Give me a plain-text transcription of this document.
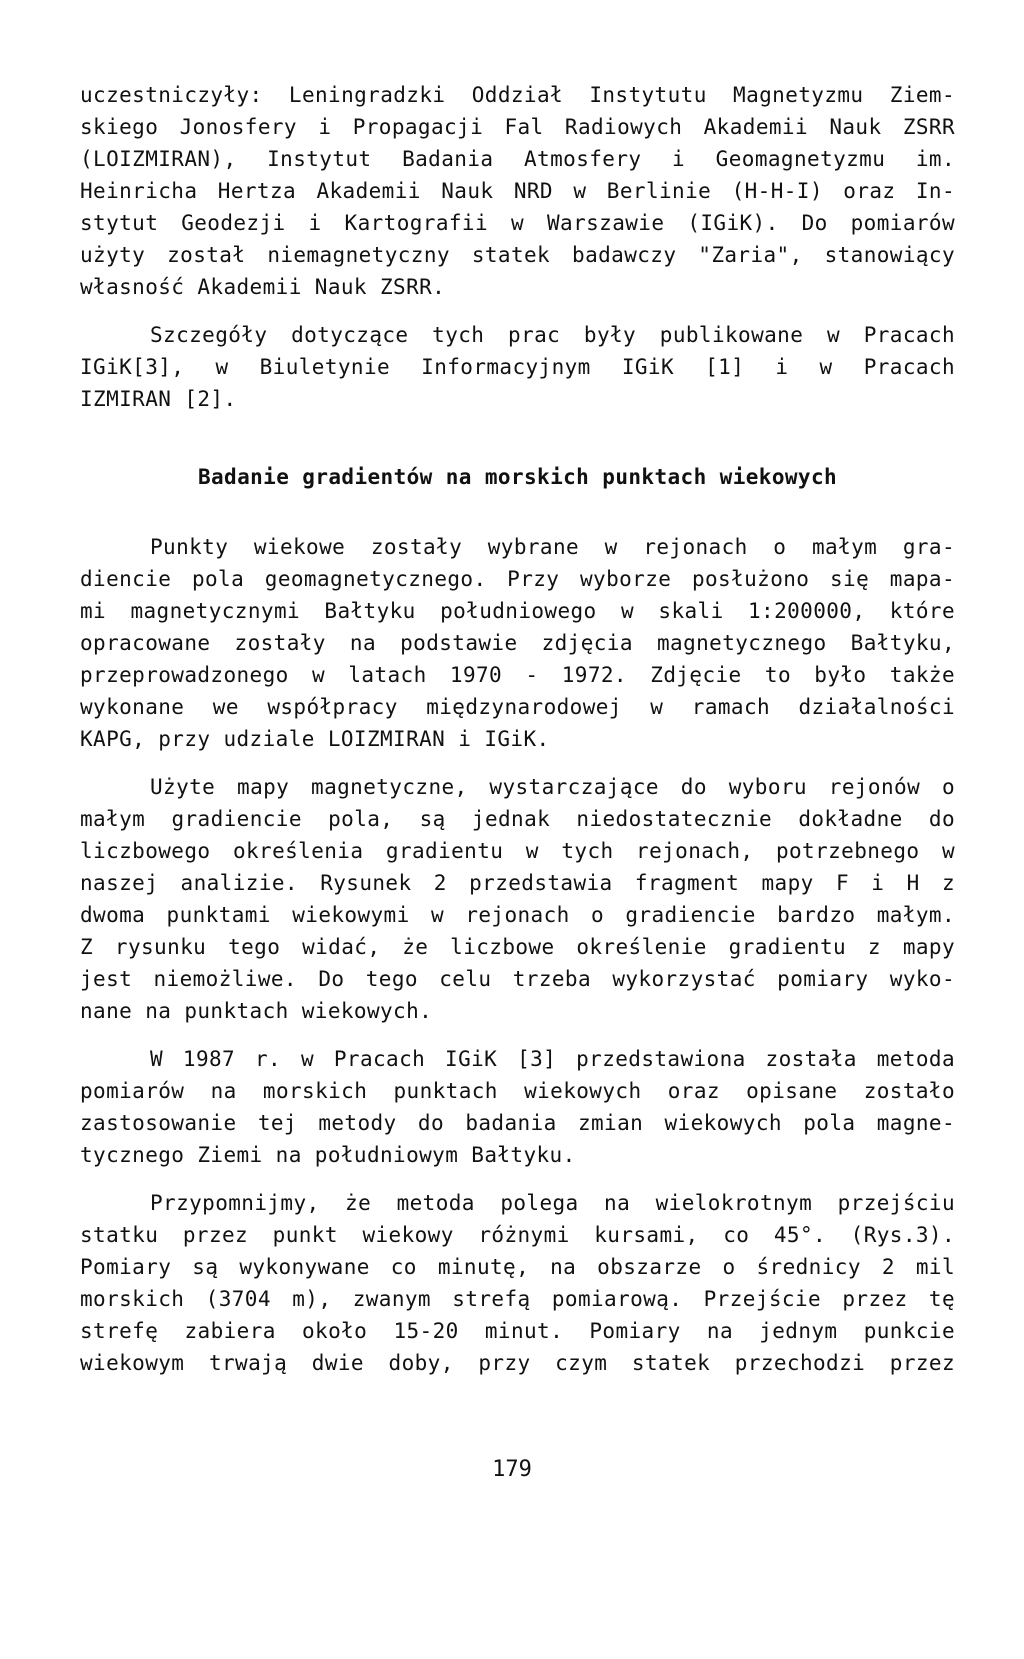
uczestniczyły: Leningradzki Oddział Instytutu Magnetyzmu Ziem-
skiego Jonosfery i Propagacji Fal Radiowych Akademii Nauk ZSRR
(LOIZMIRAN), Instytut Badania Atmosfery i Geomagnetyzmu im.
Heinricha Hertza Akademii Nauk NRD w Berlinie (H-H-I) oraz In-
stytut Geodezji i Kartografii w Warszawie (IGiK). Do pomiarów
użyty został niemagnetyczny statek badawczy "Zaria", stanowiący
własność Akademii Nauk ZSRR.
Szczegóły dotyczące tych prac były publikowane w Pracach
IGiK[3], w Biuletynie Informacyjnym IGiK [1] i w Pracach
IZMIRAN [2].
Badanie gradientów na morskich punktach wiekowych
Punkty wiekowe zostały wybrane w rejonach o małym gra-
diencie pola geomagnetycznego. Przy wyborze posłużono się mapa-
mi magnetycznymi Bałtyku południowego w skali 1:200000, które
opracowane zostały na podstawie zdjęcia magnetycznego Bałtyku,
przeprowadzonego w latach 1970 - 1972. Zdjęcie to było także
wykonane we współpracy międzynarodowej w ramach działalności
KAPG, przy udziale LOIZMIRAN i IGiK.
Użyte mapy magnetyczne, wystarczające do wyboru rejonów o
małym gradiencie pola, są jednak niedostatecznie dokładne do
liczbowego określenia gradientu w tych rejonach, potrzebnego w
naszej analizie. Rysunek 2 przedstawia fragment mapy F i H z
dwoma punktami wiekowymi w rejonach o gradiencie bardzo małym.
Z rysunku tego widać, że liczbowe określenie gradientu z mapy
jest niemożliwe. Do tego celu trzeba wykorzystać pomiary wyko-
nane na punktach wiekowych.
W 1987 r. w Pracach IGiK [3] przedstawiona została metoda
pomiarów na morskich punktach wiekowych oraz opisane zostało
zastosowanie tej metody do badania zmian wiekowych pola magne-
tycznego Ziemi na południowym Bałtyku.
Przypomnijmy, że metoda polega na wielokrotnym przejściu
statku przez punkt wiekowy różnymi kursami, co 45°. (Rys.3).
Pomiary są wykonywane co minutę, na obszarze o średnicy 2 mil
morskich (3704 m), zwanym strefą pomiarową. Przejście przez tę
strefę zabiera około 15-20 minut. Pomiary na jednym punkcie
wiekowym trwają dwie doby, przy czym statek przechodzi przez
179
